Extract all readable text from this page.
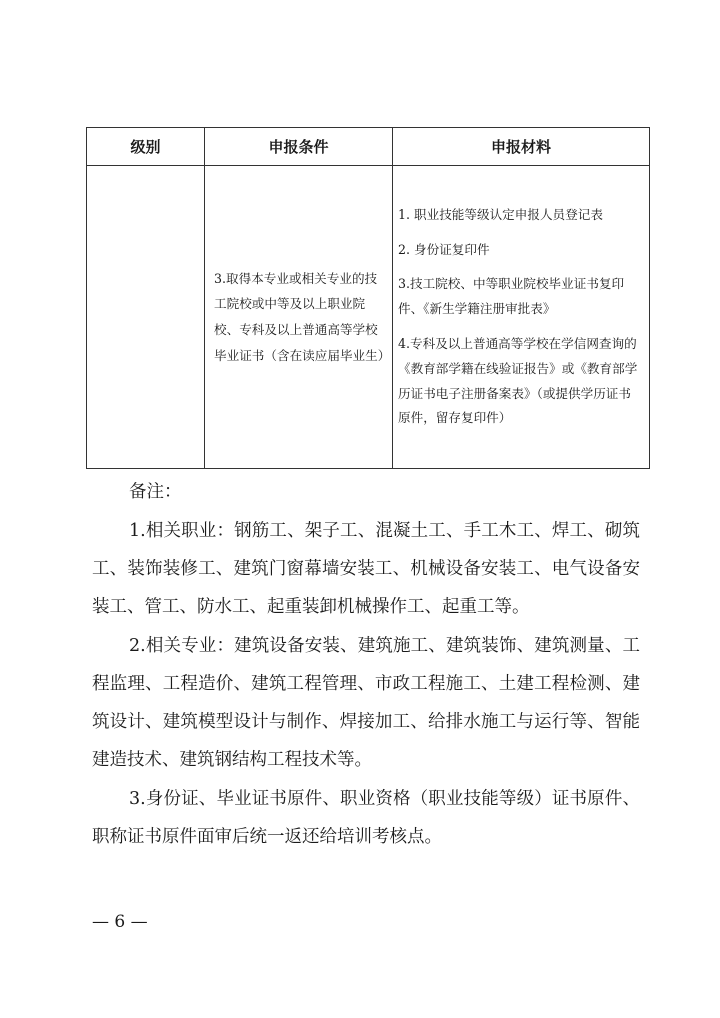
级别	申报条件	申报材料
	3.取得本专业或相关专业的技工院校或中等及以上职业院校、专科及以上普通高等学校毕业证书（含在读应届毕业生）	1. 职业技能等级认定申报人员登记表
2. 身份证复印件
3.技工院校、中等职业院校毕业证书复印件、《新生学籍注册审批表》
4.专科及以上普通高等学校在学信网查询的《教育部学籍在线验证报告》或《教育部学历证书电子注册备案表》（或提供学历证书原件，留存复印件）

备注：

1.相关职业：钢筋工、架子工、混凝土工、手工木工、焊工、砌筑工、装饰装修工、建筑门窗幕墙安装工、机械设备安装工、电气设备安装工、管工、防水工、起重装卸机械操作工、起重工等。

2.相关专业：建筑设备安装、建筑施工、建筑装饰、建筑测量、工程监理、工程造价、建筑工程管理、市政工程施工、土建工程检测、建筑设计、建筑模型设计与制作、焊接加工、给排水施工与运行等、智能建造技术、建筑钢结构工程技术等。

3.身份证、毕业证书原件、职业资格（职业技能等级）证书原件、职称证书原件面审后统一返还给培训考核点。

— 6 —
